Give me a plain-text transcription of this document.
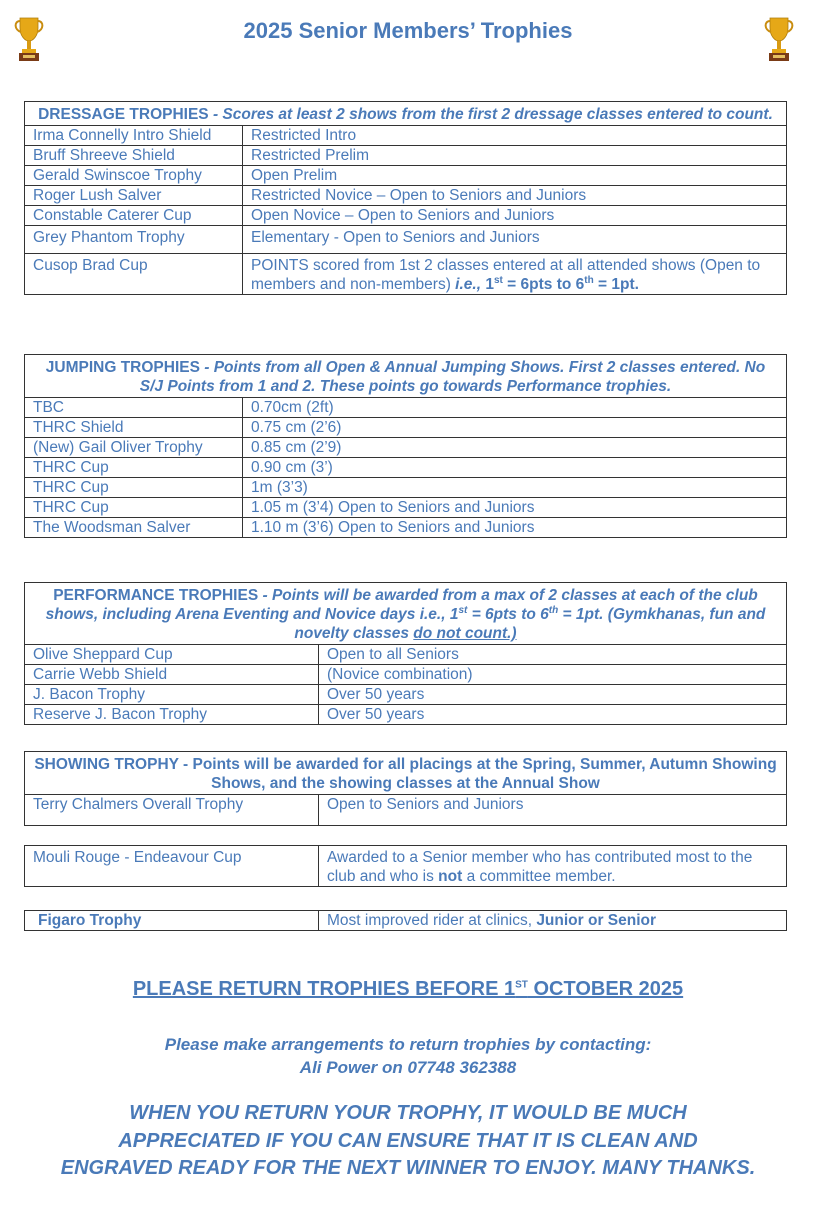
2025 Senior Members’ Trophies
DRESSAGE TROPHIES - Scores at least 2 shows from the first 2 dressage classes entered to count.	
Irma Connelly Intro Shield	Restricted Intro
Bruff Shreeve Shield	Restricted Prelim
Gerald Swinscoe Trophy	Open Prelim
Roger Lush Salver	Restricted Novice – Open to Seniors and Juniors
Constable Caterer Cup	Open Novice – Open to Seniors and Juniors
Grey Phantom Trophy	Elementary - Open to Seniors and Juniors
Cusop Brad Cup	POINTS scored from 1st 2 classes entered at all attended shows (Open to members and non-members) i.e., 1st = 6pts to 6th = 1pt.
JUMPING TROPHIES - Points from all Open & Annual Jumping Shows. First 2 classes entered. No S/J Points from 1 and 2. These points go towards Performance trophies.	
TBC	0.70cm (2ft)
THRC Shield	0.75 cm (2’6)
(New) Gail Oliver Trophy	0.85 cm (2’9)
THRC Cup	0.90 cm (3’)
THRC Cup	1m (3’3)
THRC Cup	1.05 m (3’4) Open to Seniors and Juniors
The Woodsman Salver	1.10 m (3’6) Open to Seniors and Juniors
PERFORMANCE TROPHIES - Points will be awarded from a max of 2 classes at each of the club shows, including Arena Eventing and Novice days i.e., 1st = 6pts to 6th = 1pt. (Gymkhanas, fun and novelty classes do not count.)	
Olive Sheppard Cup	Open to all Seniors
Carrie Webb Shield	(Novice combination)
J. Bacon Trophy	Over 50 years
Reserve J. Bacon Trophy	Over 50 years
SHOWING TROPHY - Points will be awarded for all placings at the Spring, Summer, Autumn Showing Shows, and the showing classes at the Annual Show
Terry Chalmers Overall Trophy	Open to Seniors and Juniors
Mouli Rouge - Endeavour Cup	Awarded to a Senior member who has contributed most to the club and who is not a committee member.
Figaro Trophy	Most improved rider at clinics, Junior or Senior
PLEASE RETURN TROPHIES BEFORE 1ST OCTOBER 2025
Please make arrangements to return trophies by contacting:
Ali Power on 07748 362388
WHEN YOU RETURN YOUR TROPHY, IT WOULD BE MUCH APPRECIATED IF YOU CAN ENSURE THAT IT IS CLEAN AND ENGRAVED READY FOR THE NEXT WINNER TO ENJOY. MANY THANKS.
